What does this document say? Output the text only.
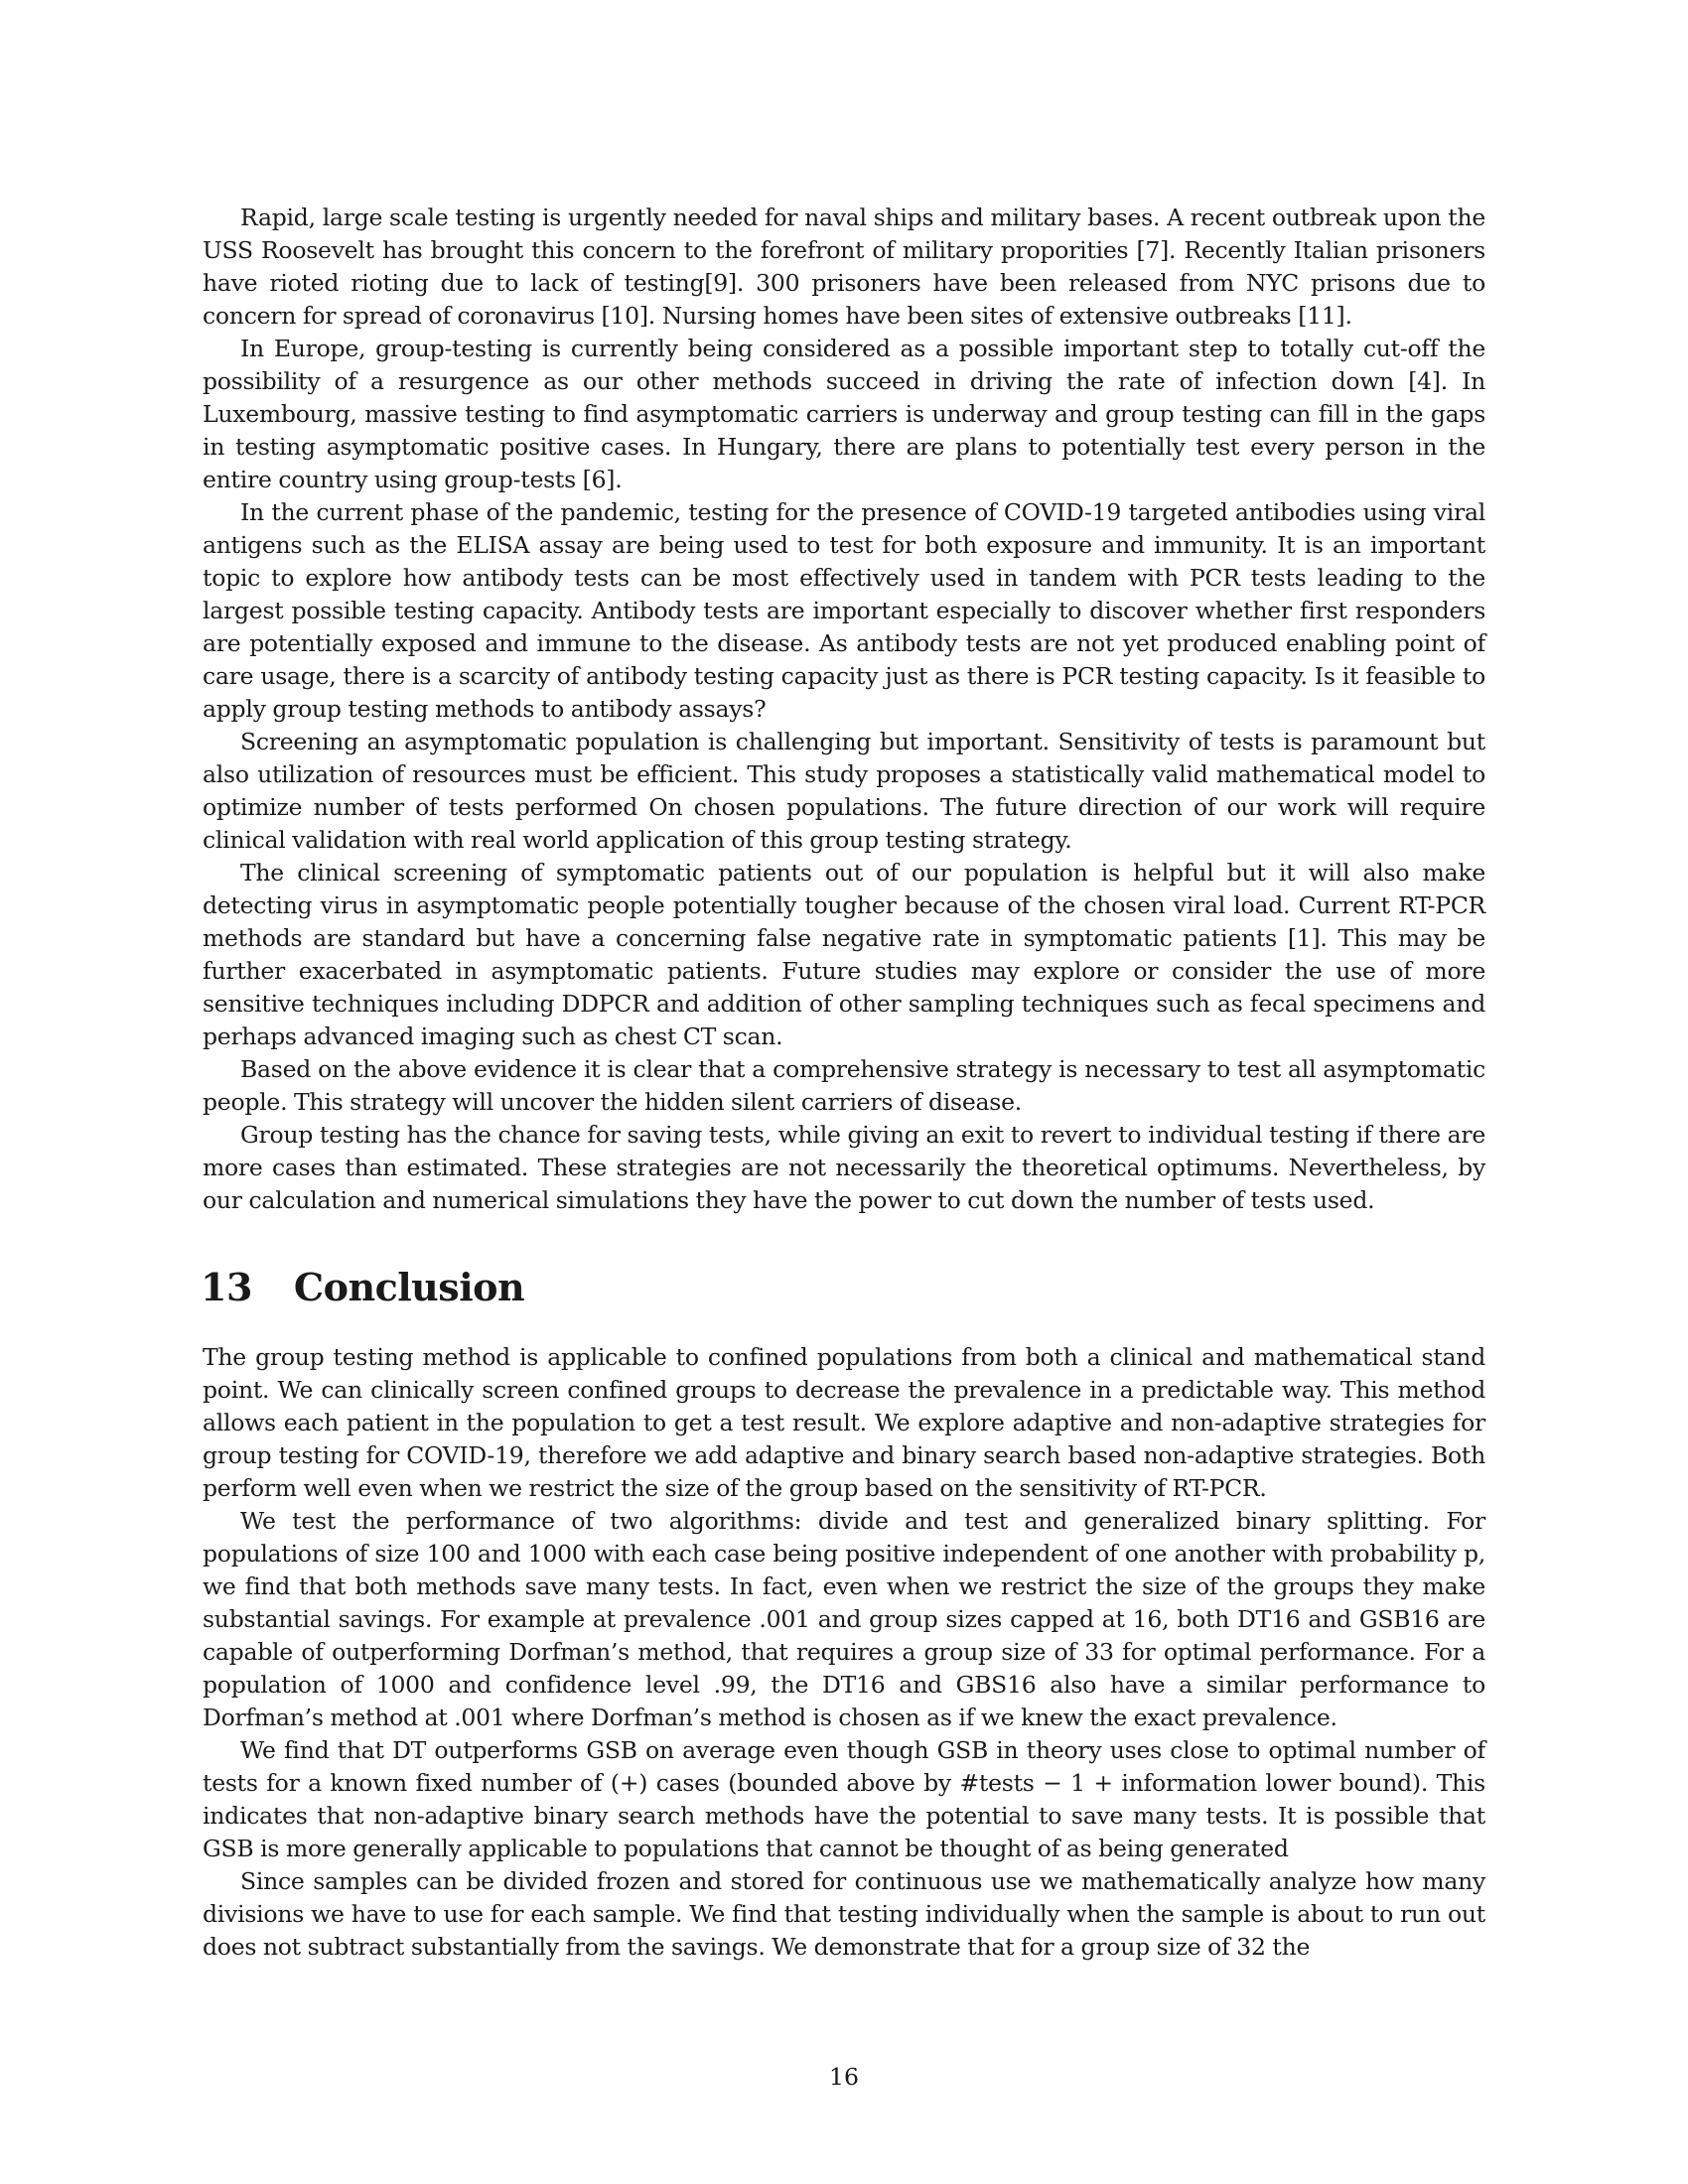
Rapid, large scale testing is urgently needed for naval ships and military bases. A recent outbreak upon the USS Roosevelt has brought this concern to the forefront of military proporities [7]. Recently Italian prisoners have rioted rioting due to lack of testing[9]. 300 prisoners have been released from NYC prisons due to concern for spread of coronavirus [10]. Nursing homes have been sites of extensive outbreaks [11].

In Europe, group-testing is currently being considered as a possible important step to totally cut-off the possibility of a resurgence as our other methods succeed in driving the rate of infection down [4]. In Luxembourg, massive testing to find asymptomatic carriers is underway and group testing can fill in the gaps in testing asymptomatic positive cases. In Hungary, there are plans to potentially test every person in the entire country using group-tests [6].

In the current phase of the pandemic, testing for the presence of COVID-19 targeted antibodies using viral antigens such as the ELISA assay are being used to test for both exposure and immunity. It is an important topic to explore how antibody tests can be most effectively used in tandem with PCR tests leading to the largest possible testing capacity. Antibody tests are important especially to discover whether first responders are potentially exposed and immune to the disease. As antibody tests are not yet produced enabling point of care usage, there is a scarcity of antibody testing capacity just as there is PCR testing capacity. Is it feasible to apply group testing methods to antibody assays?

Screening an asymptomatic population is challenging but important. Sensitivity of tests is paramount but also utilization of resources must be efficient. This study proposes a statistically valid mathematical model to optimize number of tests performed On chosen populations. The future direction of our work will require clinical validation with real world application of this group testing strategy.

The clinical screening of symptomatic patients out of our population is helpful but it will also make detecting virus in asymptomatic people potentially tougher because of the chosen viral load. Current RT-PCR methods are standard but have a concerning false negative rate in symptomatic patients [1]. This may be further exacerbated in asymptomatic patients. Future studies may explore or consider the use of more sensitive techniques including DDPCR and addition of other sampling techniques such as fecal specimens and perhaps advanced imaging such as chest CT scan.

Based on the above evidence it is clear that a comprehensive strategy is necessary to test all asymptomatic people. This strategy will uncover the hidden silent carriers of disease.

Group testing has the chance for saving tests, while giving an exit to revert to individual testing if there are more cases than estimated. These strategies are not necessarily the theoretical optimums. Nevertheless, by our calculation and numerical simulations they have the power to cut down the number of tests used.

13 Conclusion

The group testing method is applicable to confined populations from both a clinical and mathematical stand point. We can clinically screen confined groups to decrease the prevalence in a predictable way. This method allows each patient in the population to get a test result. We explore adaptive and non-adaptive strategies for group testing for COVID-19, therefore we add adaptive and binary search based non-adaptive strategies. Both perform well even when we restrict the size of the group based on the sensitivity of RT-PCR.

We test the performance of two algorithms: divide and test and generalized binary splitting. For populations of size 100 and 1000 with each case being positive independent of one another with probability p, we find that both methods save many tests. In fact, even when we restrict the size of the groups they make substantial savings. For example at prevalence .001 and group sizes capped at 16, both DT16 and GSB16 are capable of outperforming Dorfman’s method, that requires a group size of 33 for optimal performance. For a population of 1000 and confidence level .99, the DT16 and GBS16 also have a similar performance to Dorfman’s method at .001 where Dorfman’s method is chosen as if we knew the exact prevalence.

We find that DT outperforms GSB on average even though GSB in theory uses close to optimal number of tests for a known fixed number of (+) cases (bounded above by #tests − 1 + information lower bound). This indicates that non-adaptive binary search methods have the potential to save many tests. It is possible that GSB is more generally applicable to populations that cannot be thought of as being generated

Since samples can be divided frozen and stored for continuous use we mathematically analyze how many divisions we have to use for each sample. We find that testing individually when the sample is about to run out does not subtract substantially from the savings. We demonstrate that for a group size of 32 the

16
